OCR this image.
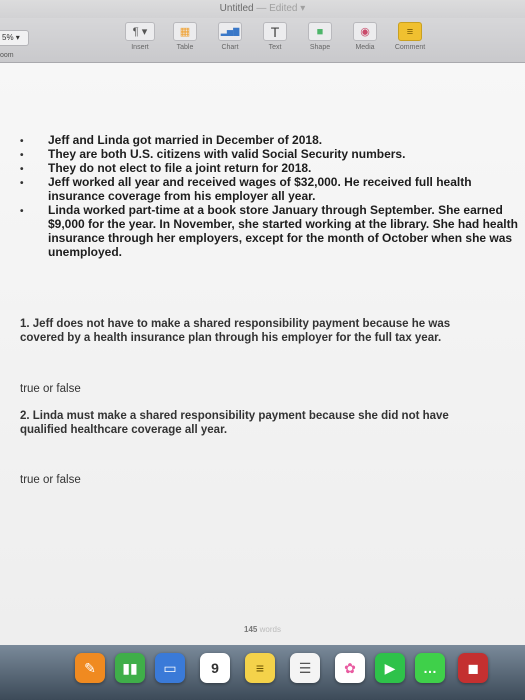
Untitled — Edited ▾
5% ▾
oom
¶ ▾
Insert
▦
Table
▂▅▇
Chart
T
Text
■
Shape
◉
Media
≡
Comment
• Jeff and Linda got married in December of 2018.
• They are both U.S. citizens with valid Social Security numbers.
• They do not elect to file a joint return for 2018.
• Jeff worked all year and received wages of $32,000. He received full health insurance coverage from his employer all year.
• Linda worked part-time at a book store January through September. She earned $9,000 for the year. In November, she started working at the library. She had health insurance through her employers, except for the month of October when she was unemployed.
1. Jeff does not have to make a shared responsibility payment because he was covered by a health insurance plan through his employer for the full tax year.
true or false
2. Linda must make a shared responsibility payment because she did not have qualified healthcare coverage all year.
true or false
145 words
✎	▮▮	▭	9	≡	☰	✿	▶	…	◼
